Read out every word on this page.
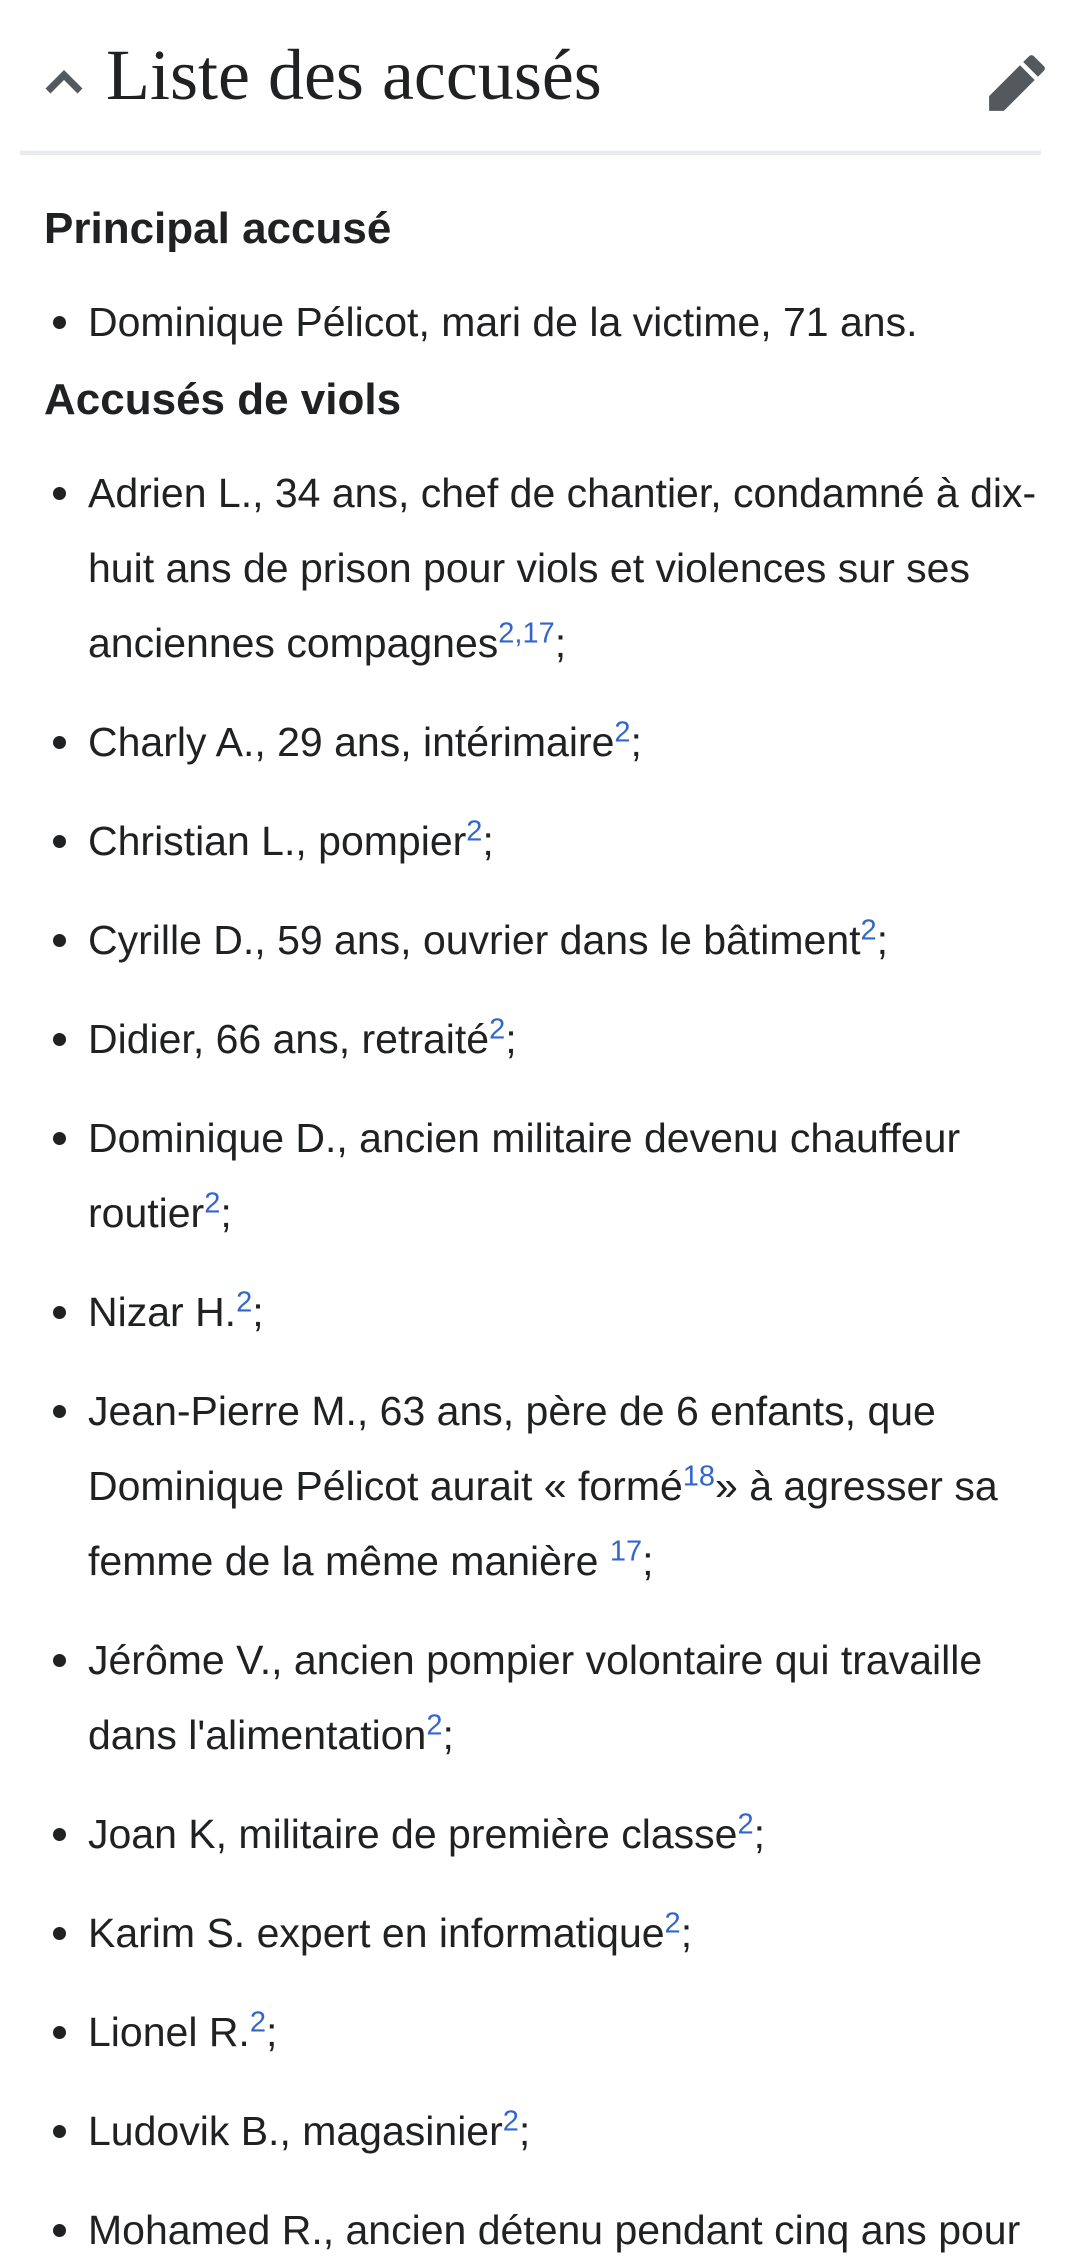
Liste des accusés
Principal accusé
Dominique Pélicot, mari de la victime, 71 ans.
Accusés de viols
Adrien L., 34 ans, chef de chantier, condamné à dix-huit ans de prison pour viols et violences sur ses anciennes compagnes$^{2,17}$;
Charly A., 29 ans, intérimaire$^2$;
Christian L., pompier$^2$;
Cyrille D., 59 ans, ouvrier dans le bâtiment$^2$;
Didier, 66 ans, retraité$^2$;
Dominique D., ancien militaire devenu chauffeur routier$^2$;
Nizar H.$^2$;
Jean-Pierre M., 63 ans, père de 6 enfants, que Dominique Pélicot aurait « formé$^{18}$» à agresser sa femme de la même manière $^{17}$;
Jérôme V., ancien pompier volontaire qui travaille dans l'alimentation$^2$;
Joan K, militaire de première classe$^2$;
Karim S. expert en informatique$^2$;
Lionel R.$^2$;
Ludovik B., magasinier$^2$;
Mohamed R., ancien détenu pendant cinq ans pour
